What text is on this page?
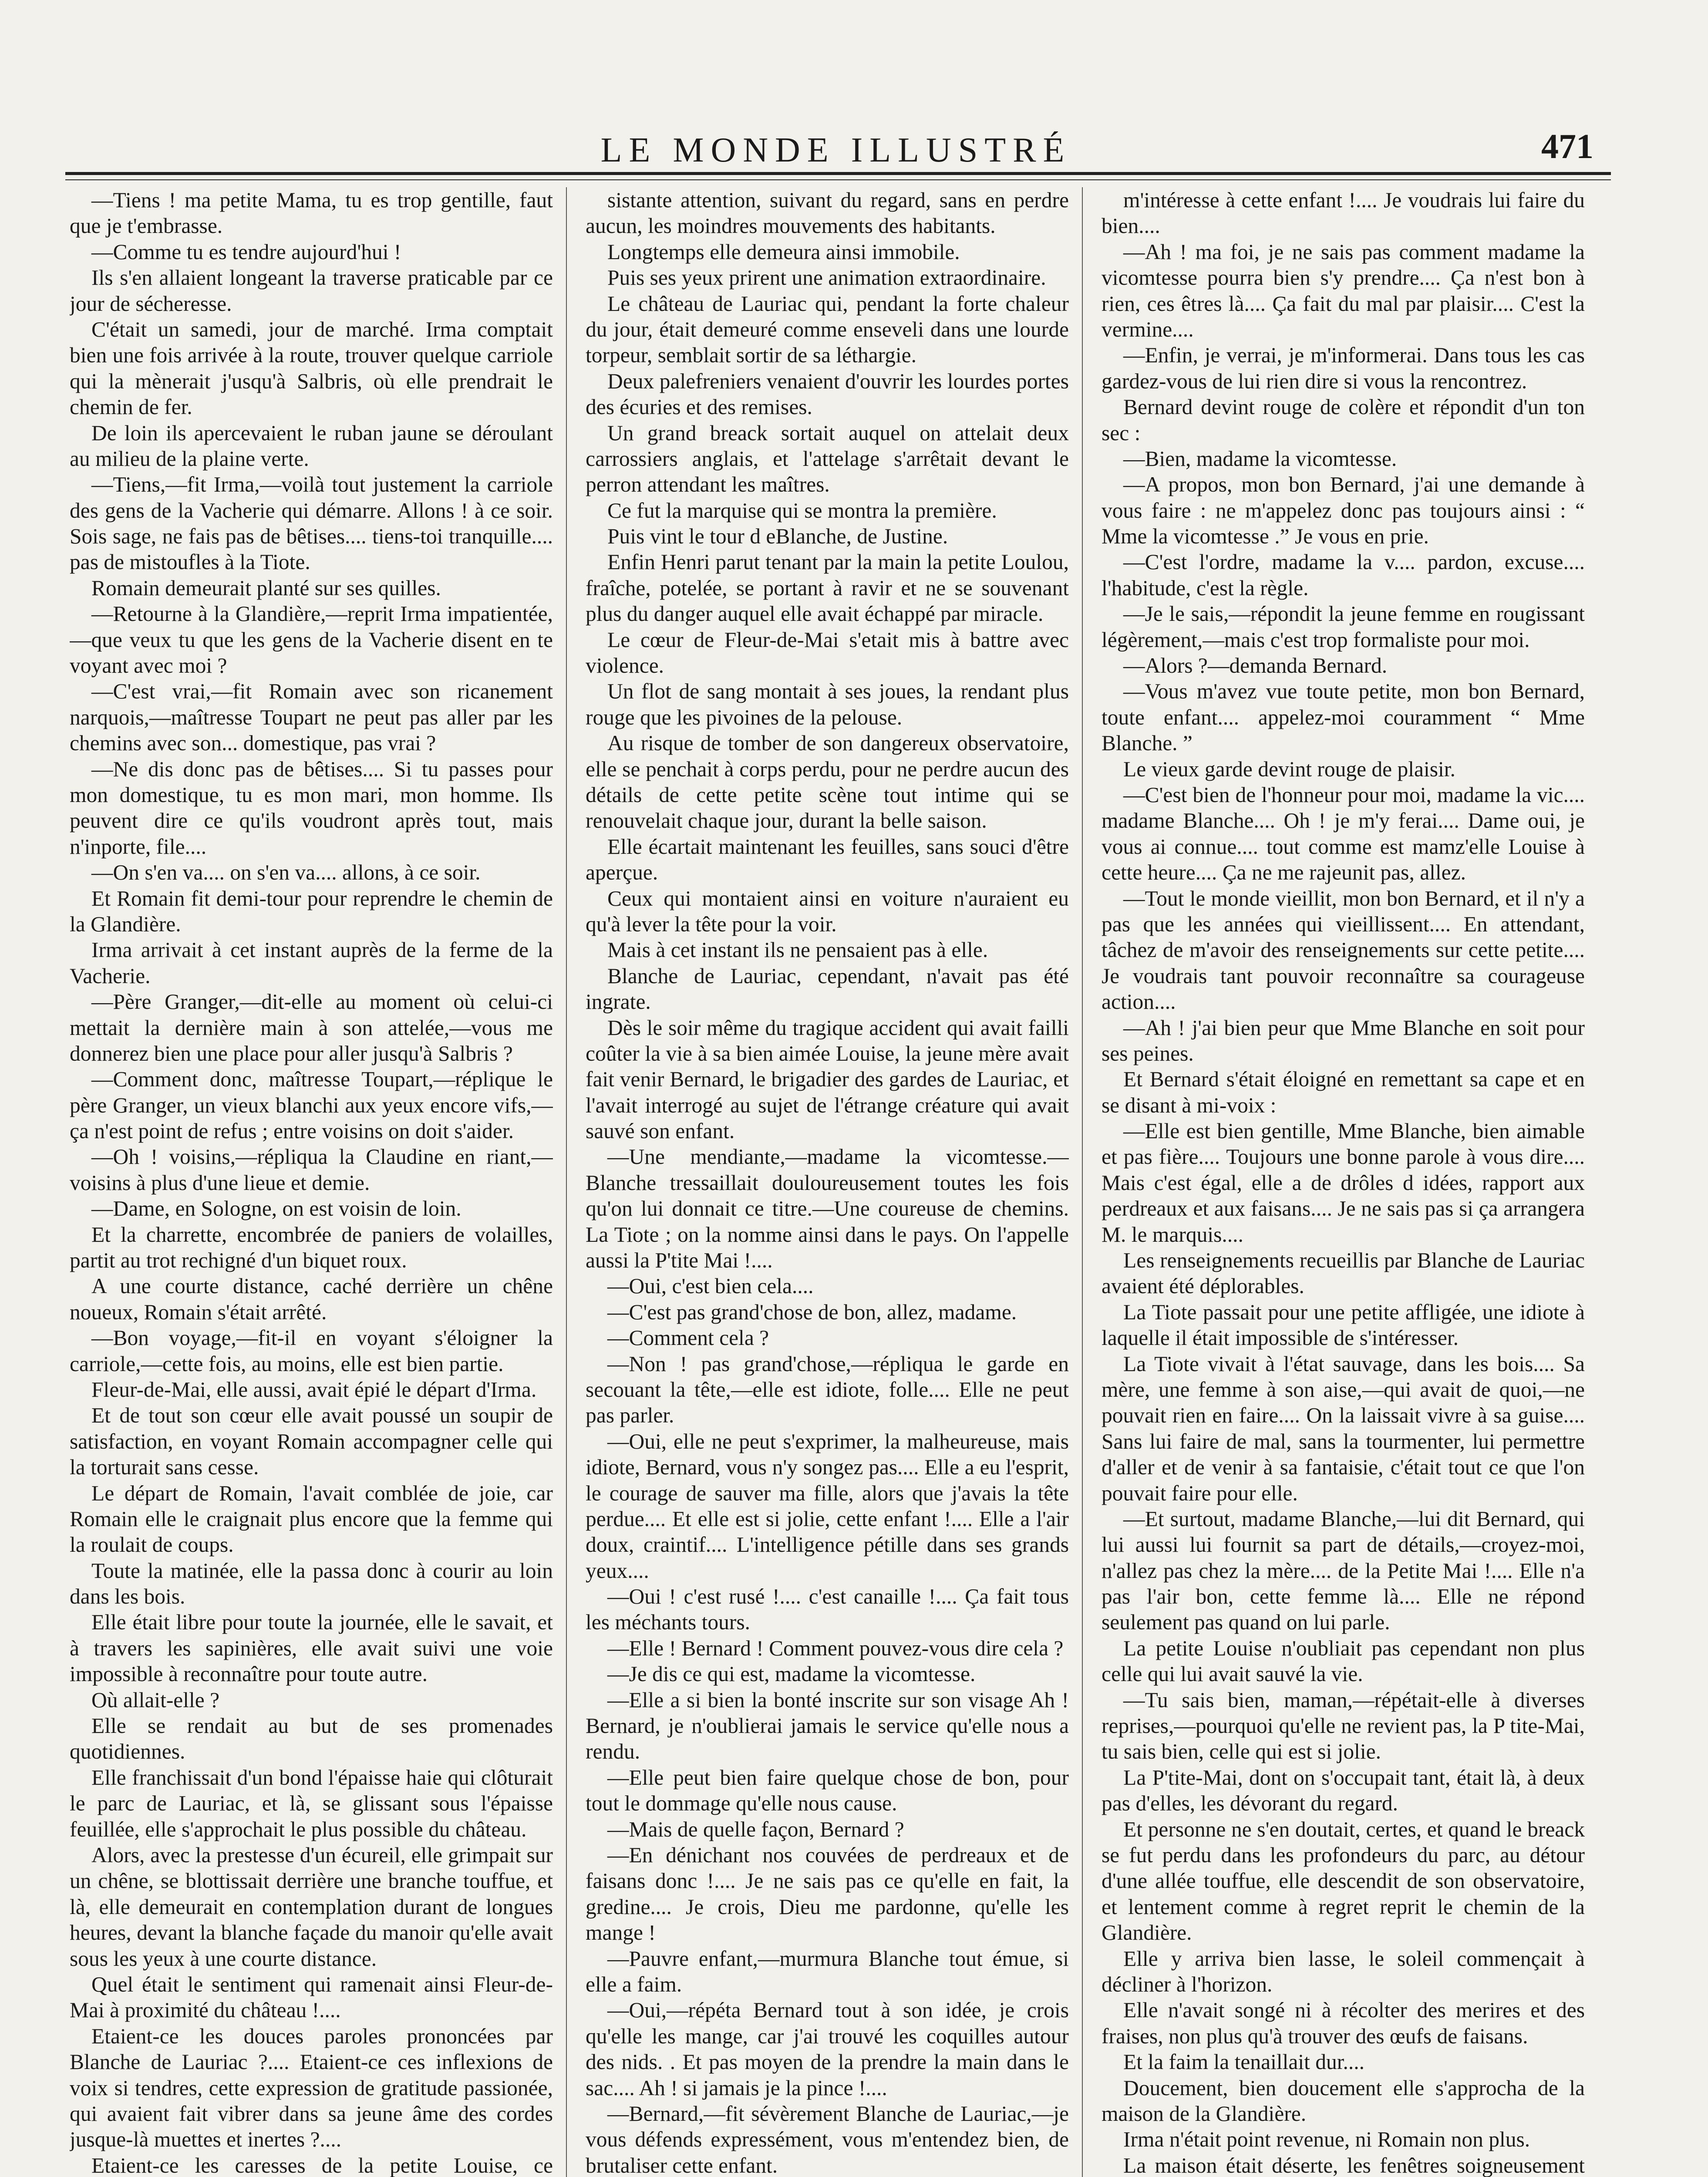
LE MONDE ILLUSTRÉ	471

—Tiens ! ma petite Mama, tu es trop gentille, faut que je t'embrasse.

—Comme tu es tendre aujourd'hui !

Ils s'en allaient longeant la traverse praticable par ce jour de sécheresse.

C'était un samedi, jour de marché. Irma comptait bien une fois arrivée à la route, trouver quelque carriole qui la mènerait j'usqu'à Salbris, où elle prendrait le chemin de fer.

De loin ils apercevaient le ruban jaune se déroulant au milieu de la plaine verte.

—Tiens,—fit Irma,—voilà tout justement la carriole des gens de la Vacherie qui démarre. Allons ! à ce soir. Sois sage, ne fais pas de bêtises.... tiens-toi tranquille.... pas de mistoufles à la Tiote.

Romain demeurait planté sur ses quilles.

—Retourne à la Glandière,—reprit Irma impatientée,—que veux tu que les gens de la Vacherie disent en te voyant avec moi ?

—C'est vrai,—fit Romain avec son ricanement narquois,—maîtresse Toupart ne peut pas aller par les chemins avec son... domestique, pas vrai ?

—Ne dis donc pas de bêtises.... Si tu passes pour mon domestique, tu es mon mari, mon homme. Ils peuvent dire ce qu'ils voudront après tout, mais n'inporte, file....

—On s'en va.... on s'en va.... allons, à ce soir.

Et Romain fit demi-tour pour reprendre le chemin de la Glandière.

Irma arrivait à cet instant auprès de la ferme de la Vacherie.

—Père Granger,—dit-elle au moment où celui-ci mettait la dernière main à son attelée,—vous me donnerez bien une place pour aller jusqu'à Salbris ?

—Comment donc, maîtresse Toupart,—réplique le père Granger, un vieux blanchi aux yeux encore vifs,—ça n'est point de refus ; entre voisins on doit s'aider.

—Oh ! voisins,—répliqua la Claudine en riant,—voisins à plus d'une lieue et demie.

—Dame, en Sologne, on est voisin de loin.

Et la charrette, encombrée de paniers de volailles, partit au trot rechigné d'un biquet roux.

A une courte distance, caché derrière un chêne noueux, Romain s'était arrêté.

—Bon voyage,—fit-il en voyant s'éloigner la carriole,—cette fois, au moins, elle est bien partie.

Fleur-de-Mai, elle aussi, avait épié le départ d'Irma.

Et de tout son cœur elle avait poussé un soupir de satisfaction, en voyant Romain accompagner celle qui la torturait sans cesse.

Le départ de Romain, l'avait comblée de joie, car Romain elle le craignait plus encore que la femme qui la roulait de coups.

Toute la matinée, elle la passa donc à courir au loin dans les bois.

Elle était libre pour toute la journée, elle le savait, et à travers les sapinières, elle avait suivi une voie impossible à reconnaître pour toute autre.

Où allait-elle ?

Elle se rendait au but de ses promenades quotidiennes.

Elle franchissait d'un bond l'épaisse haie qui clôturait le parc de Lauriac, et là, se glissant sous l'épaisse feuillée, elle s'approchait le plus possible du château.

Alors, avec la prestesse d'un écureil, elle grimpait sur un chêne, se blottissait derrière une branche touffue, et là, elle demeurait en contemplation durant de longues heures, devant la blanche façade du manoir qu'elle avait sous les yeux à une courte distance.

Quel était le sentiment qui ramenait ainsi Fleur-de-Mai à proximité du château !....

Etaient-ce les douces paroles prononcées par Blanche de Lauriac ?.... Etaient-ce ces inflexions de voix si tendres, cette expression de gratitude passionée, qui avaient fait vibrer dans sa jeune âme des cordes jusque-là muettes et inertes ?....

Etaient-ce les caresses de la petite Louise, ce

sistante attention, suivant du regard, sans en perdre aucun, les moindres mouvements des habitants.

Longtemps elle demeura ainsi immobile.

Puis ses yeux prirent une animation extraordinaire.

Le château de Lauriac qui, pendant la forte chaleur du jour, était demeuré comme enseveli dans une lourde torpeur, semblait sortir de sa léthargie.

Deux palefreniers venaient d'ouvrir les lourdes portes des écuries et des remises.

Un grand breack sortait auquel on attelait deux carrossiers anglais, et l'attelage s'arrêtait devant le perron attendant les maîtres.

Ce fut la marquise qui se montra la première.

Puis vint le tour d eBlanche, de Justine.

Enfin Henri parut tenant par la main la petite Loulou, fraîche, potelée, se portant à ravir et ne se souvenant plus du danger auquel elle avait échappé par miracle.

Le cœur de Fleur-de-Mai s'etait mis à battre avec violence.

Un flot de sang montait à ses joues, la rendant plus rouge que les pivoines de la pelouse.

Au risque de tomber de son dangereux observatoire, elle se penchait à corps perdu, pour ne perdre aucun des détails de cette petite scène tout intime qui se renouvelait chaque jour, durant la belle saison.

Elle écartait maintenant les feuilles, sans souci d'être aperçue.

Ceux qui montaient ainsi en voiture n'auraient eu qu'à lever la tête pour la voir.

Mais à cet instant ils ne pensaient pas à elle.

Blanche de Lauriac, cependant, n'avait pas été ingrate.

Dès le soir même du tragique accident qui avait failli coûter la vie à sa bien aimée Louise, la jeune mère avait fait venir Bernard, le brigadier des gardes de Lauriac, et l'avait interrogé au sujet de l'étrange créature qui avait sauvé son enfant.

—Une mendiante,—madame la vicomtesse.— Blanche tressaillait douloureusement toutes les fois qu'on lui donnait ce titre.—Une coureuse de chemins. La Tiote ; on la nomme ainsi dans le pays. On l'appelle aussi la P'tite Mai !....

—Oui, c'est bien cela....

—C'est pas grand'chose de bon, allez, madame.

—Comment cela ?

—Non ! pas grand'chose,—répliqua le garde en secouant la tête,—elle est idiote, folle.... Elle ne peut pas parler.

—Oui, elle ne peut s'exprimer, la malheureuse, mais idiote, Bernard, vous n'y songez pas.... Elle a eu l'esprit, le courage de sauver ma fille, alors que j'avais la tête perdue.... Et elle est si jolie, cette enfant !.... Elle a l'air doux, craintif.... L'intelligence pétille dans ses grands yeux....

—Oui ! c'est rusé !.... c'est canaille !.... Ça fait tous les méchants tours.

—Elle ! Bernard ! Comment pouvez-vous dire cela ?

—Je dis ce qui est, madame la vicomtesse.

—Elle a si bien la bonté inscrite sur son visage Ah ! Bernard, je n'oublierai jamais le service qu'elle nous a rendu.

—Elle peut bien faire quelque chose de bon, pour tout le dommage qu'elle nous cause.

—Mais de quelle façon, Bernard ?

—En dénichant nos couvées de perdreaux et de faisans donc !.... Je ne sais pas ce qu'elle en fait, la gredine.... Je crois, Dieu me pardonne, qu'elle les mange !

—Pauvre enfant,—murmura Blanche tout émue, si elle a faim.

—Oui,—répéta Bernard tout à son idée, je crois qu'elle les mange, car j'ai trouvé les coquilles autour des nids. . Et pas moyen de la prendre la main dans le sac.... Ah ! si jamais je la pince !....

—Bernard,—fit sévèrement Blanche de Lauriac,—je vous défends expressément, vous m'entendez bien, de brutaliser cette enfant.

m'intéresse à cette enfant !.... Je voudrais lui faire du bien....

—Ah ! ma foi, je ne sais pas comment madame la vicomtesse pourra bien s'y prendre.... Ça n'est bon à rien, ces êtres là.... Ça fait du mal par plaisir.... C'est la vermine....

—Enfin, je verrai, je m'informerai. Dans tous les cas gardez-vous de lui rien dire si vous la rencontrez.

Bernard devint rouge de colère et répondit d'un ton sec :

—Bien, madame la vicomtesse.

—A propos, mon bon Bernard, j'ai une demande à vous faire : ne m'appelez donc pas toujours ainsi : “ Mme la vicomtesse .” Je vous en prie.

—C'est l'ordre, madame la v.... pardon, excuse.... l'habitude, c'est la règle.

—Je le sais,—répondit la jeune femme en rougissant légèrement,—mais c'est trop formaliste pour moi.

—Alors ?—demanda Bernard.

—Vous m'avez vue toute petite, mon bon Bernard, toute enfant.... appelez-moi couramment “ Mme Blanche. ”

Le vieux garde devint rouge de plaisir.

—C'est bien de l'honneur pour moi, madame la vic.... madame Blanche.... Oh ! je m'y ferai.... Dame oui, je vous ai connue.... tout comme est mamz'elle Louise à cette heure.... Ça ne me rajeunit pas, allez.

—Tout le monde vieillit, mon bon Bernard, et il n'y a pas que les années qui vieillissent.... En attendant, tâchez de m'avoir des renseignements sur cette petite.... Je voudrais tant pouvoir reconnaître sa courageuse action....

—Ah ! j'ai bien peur que Mme Blanche en soit pour ses peines.

Et Bernard s'était éloigné en remettant sa cape et en se disant à mi-voix :

—Elle est bien gentille, Mme Blanche, bien aimable et pas fière.... Toujours une bonne parole à vous dire.... Mais c'est égal, elle a de drôles d idées, rapport aux perdreaux et aux faisans.... Je ne sais pas si ça arrangera M. le marquis....

Les renseignements recueillis par Blanche de Lauriac avaient été déplorables.

La Tiote passait pour une petite affligée, une idiote à laquelle il était impossible de s'intéresser.

La Tiote vivait à l'état sauvage, dans les bois.... Sa mère, une femme à son aise,—qui avait de quoi,—ne pouvait rien en faire.... On la laissait vivre à sa guise.... Sans lui faire de mal, sans la tourmenter, lui permettre d'aller et de venir à sa fantaisie, c'était tout ce que l'on pouvait faire pour elle.

—Et surtout, madame Blanche,—lui dit Bernard, qui lui aussi lui fournit sa part de détails,—croyez-moi, n'allez pas chez la mère.... de la Petite Mai !.... Elle n'a pas l'air bon, cette femme là.... Elle ne répond seulement pas quand on lui parle.

La petite Louise n'oubliait pas cependant non plus celle qui lui avait sauvé la vie.

—Tu sais bien, maman,—répétait-elle à diverses reprises,—pourquoi qu'elle ne revient pas, la P tite-Mai, tu sais bien, celle qui est si jolie.

La P'tite-Mai, dont on s'occupait tant, était là, à deux pas d'elles, les dévorant du regard.

Et personne ne s'en doutait, certes, et quand le breack se fut perdu dans les profondeurs du parc, au détour d'une allée touffue, elle descendit de son observatoire, et lentement comme à regret reprit le chemin de la Glandière.

Elle y arriva bien lasse, le soleil commençait à décliner à l'horizon.

Elle n'avait songé ni à récolter des merires et des fraises, non plus qu'à trouver des œufs de faisans.

Et la faim la tenaillait dur....

Doucement, bien doucement elle s'approcha de la maison de la Glandière.

Irma n'était point revenue, ni Romain non plus.

La maison était déserte, les fenêtres soigneusement
